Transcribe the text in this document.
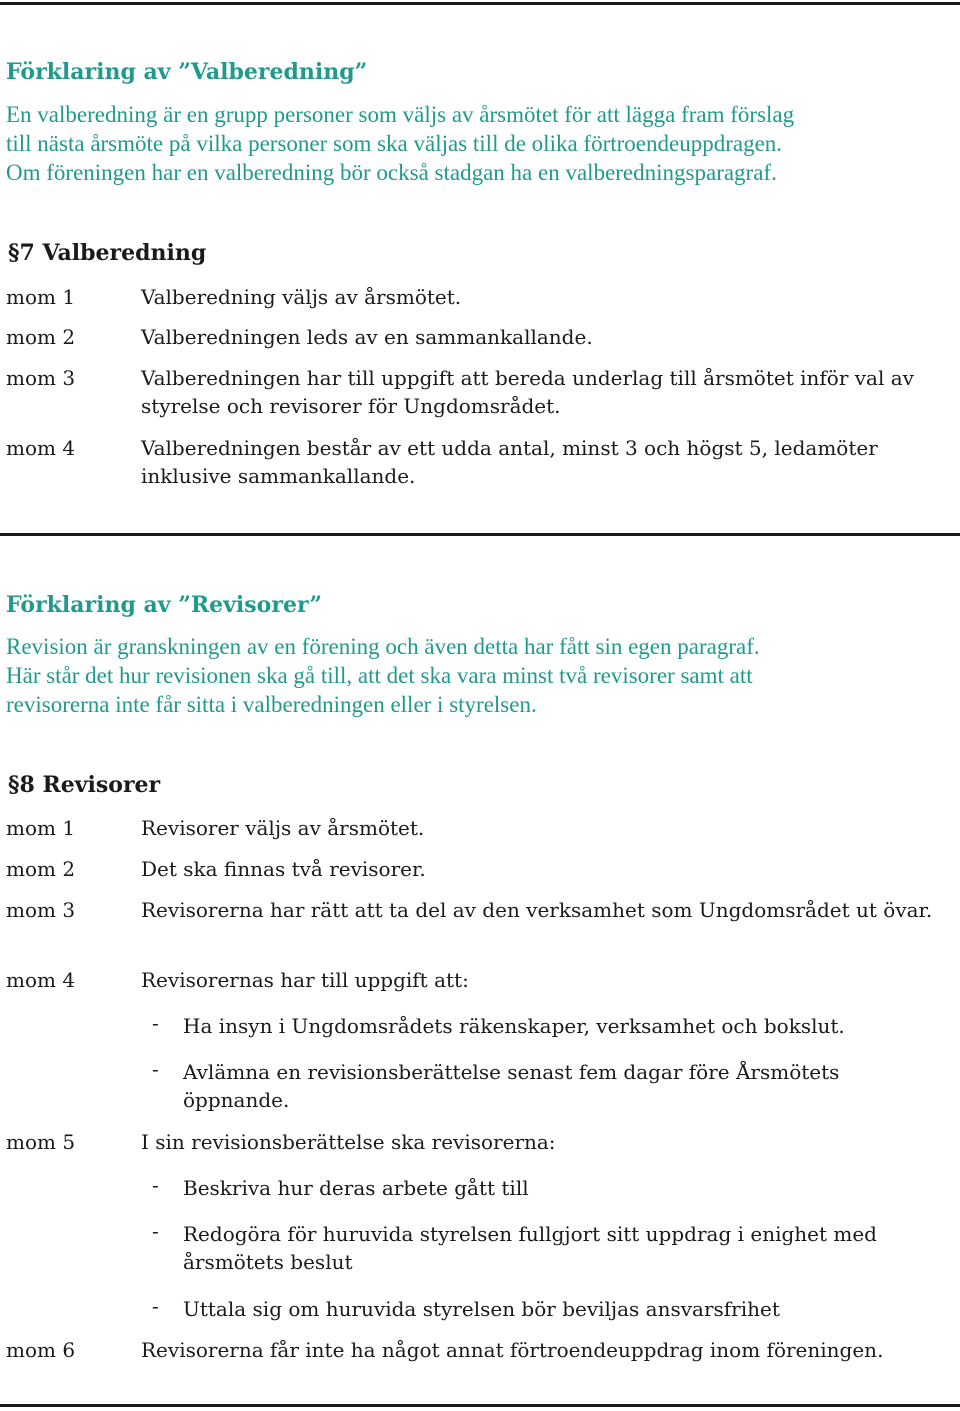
Förklaring av ”Valberedning”
En valberedning är en grupp personer som väljs av årsmötet för att lägga fram förslag
till nästa årsmöte på vilka personer som ska väljas till de olika förtroendeuppdragen.
Om föreningen har en valberedning bör också stadgan ha en valberedningsparagraf.
§7 Valberedning
mom 1	Valberedning väljs av årsmötet.
mom 2	Valberedningen leds av en sammankallande.
mom 3	Valberedningen har till uppgift att bereda underlag till årsmötet inför val av styrelse och revisorer för Ungdomsrådet.
mom 4	Valberedningen består av ett udda antal, minst 3 och högst 5, ledamöter inklusive sammankallande.
Förklaring av ”Revisorer”
Revision är granskningen av en förening och även detta har fått sin egen paragraf.
Här står det hur revisionen ska gå till, att det ska vara minst två revisorer samt att
revisorerna inte får sitta i valberedningen eller i styrelsen.
§8 Revisorer
mom 1	Revisorer väljs av årsmötet.
mom 2	Det ska finnas två revisorer.
mom 3	Revisorerna har rätt att ta del av den verksamhet som Ungdomsrådet ut övar.
mom 4	Revisorernas har till uppgift att:
- Ha insyn i Ungdomsrådets räkenskaper, verksamhet och bokslut.
- Avlämna en revisionsberättelse senast fem dagar före Årsmötets öppnande.
mom 5	I sin revisionsberättelse ska revisorerna:
- Beskriva hur deras arbete gått till
- Redogöra för huruvida styrelsen fullgjort sitt uppdrag i enighet med årsmötets beslut
- Uttala sig om huruvida styrelsen bör beviljas ansvarsfrihet
mom 6	Revisorerna får inte ha något annat förtroendeuppdrag inom föreningen.
